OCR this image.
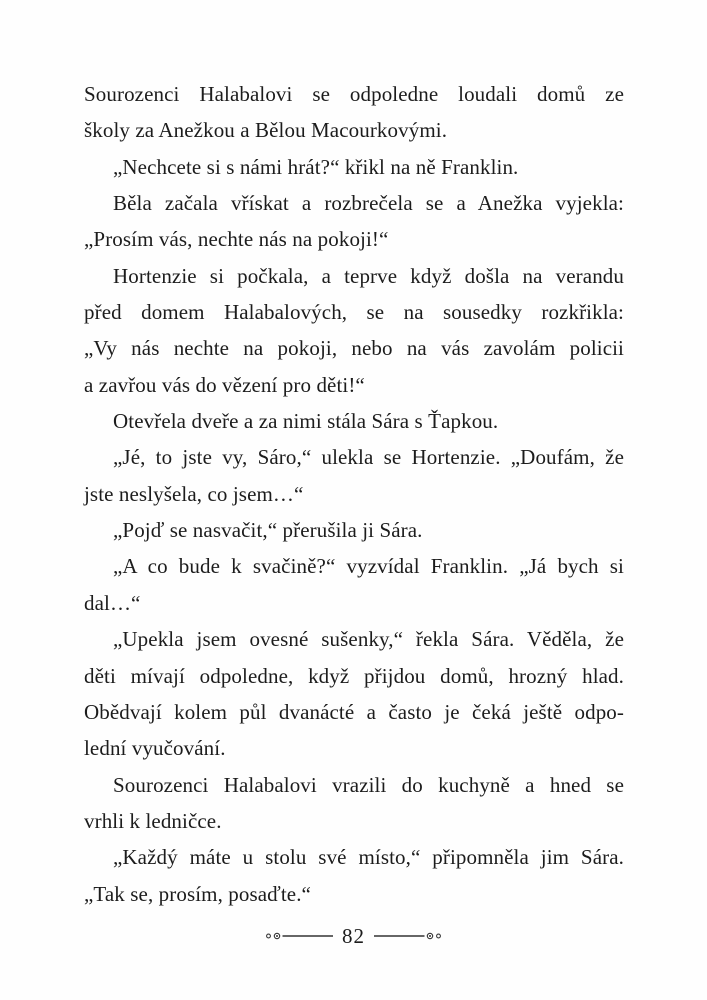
Sourozenci Halabalovi se odpoledne loudali domů ze
školy za Anežkou a Bělou Macourkovými.
„Nechcete si s námi hrát?“ křikl na ně Franklin.
Běla začala vřískat a rozbrečela se a Anežka vyjekla:
„Prosím vás, nechte nás na pokoji!“
Hortenzie si počkala, a teprve když došla na verandu
před domem Halabalových, se na sousedky rozkřikla:
„Vy nás nechte na pokoji, nebo na vás zavolám policii
a zavřou vás do vězení pro děti!“
Otevřela dveře a za nimi stála Sára s Ťapkou.
„Jé, to jste vy, Sáro,“ ulekla se Hortenzie. „Doufám, že
jste neslyšela, co jsem…“
„Pojď se nasvačit,“ přerušila ji Sára.
„A co bude k svačině?“ vyzvídal Franklin. „Já bych si
dal…“
„Upekla jsem ovesné sušenky,“ řekla Sára. Věděla, že
děti mívají odpoledne, když přijdou domů, hrozný hlad.
Obědvají kolem půl dvanácté a často je čeká ještě odpo-
lední vyučování.
Sourozenci Halabalovi vrazili do kuchyně a hned se
vrhli k ledničce.
„Každý máte u stolu své místo,“ připomněla jim Sára.
„Tak se, prosím, posaďte.“
82
